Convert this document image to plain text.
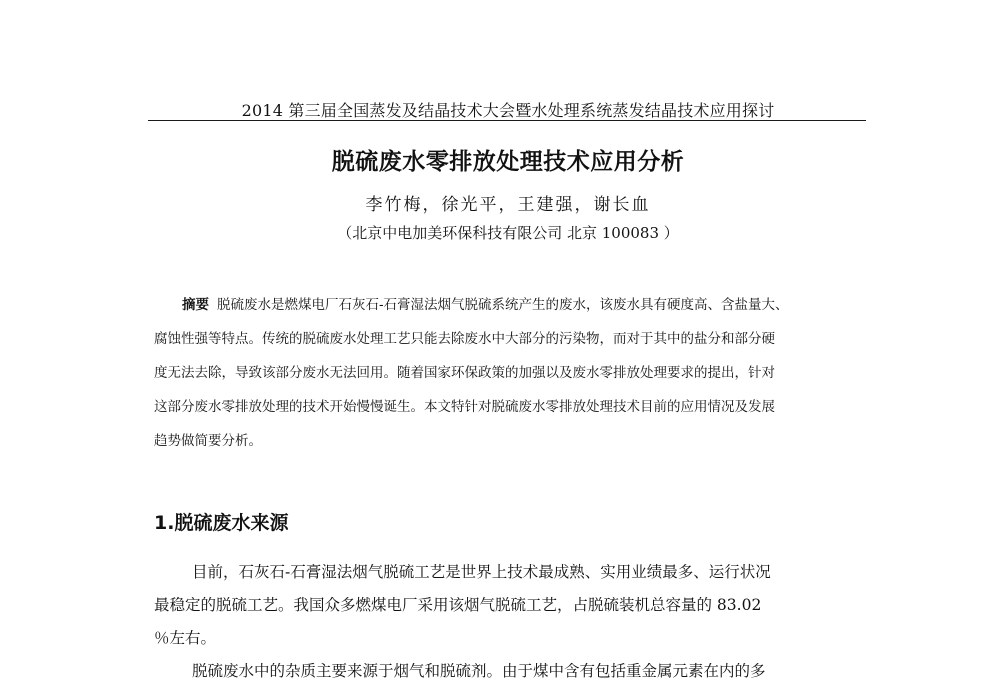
2014 第三届全国蒸发及结晶技术大会暨水处理系统蒸发结晶技术应用探讨
脱硫废水零排放处理技术应用分析
李竹梅，徐光平，王建强，谢长血
（北京中电加美环保科技有限公司 北京 100083 ）
摘要 脱硫废水是燃煤电厂石灰石-石膏湿法烟气脱硫系统产生的废水，该废水具有硬度高、含盐量大、
腐蚀性强等特点。传统的脱硫废水处理工艺只能去除废水中大部分的污染物，而对于其中的盐分和部分硬
度无法去除，导致该部分废水无法回用。随着国家环保政策的加强以及废水零排放处理要求的提出，针对
这部分废水零排放处理的技术开始慢慢诞生。本文特针对脱硫废水零排放处理技术目前的应用情况及发展
趋势做简要分析。
1.脱硫废水来源
目前，石灰石-石膏湿法烟气脱硫工艺是世界上技术最成熟、实用业绩最多、运行状况
最稳定的脱硫工艺。我国众多燃煤电厂采用该烟气脱硫工艺，占脱硫装机总容量的 83.02
％左右。
脱硫废水中的杂质主要来源于烟气和脱硫剂。由于煤中含有包括重金属元素在内的多
